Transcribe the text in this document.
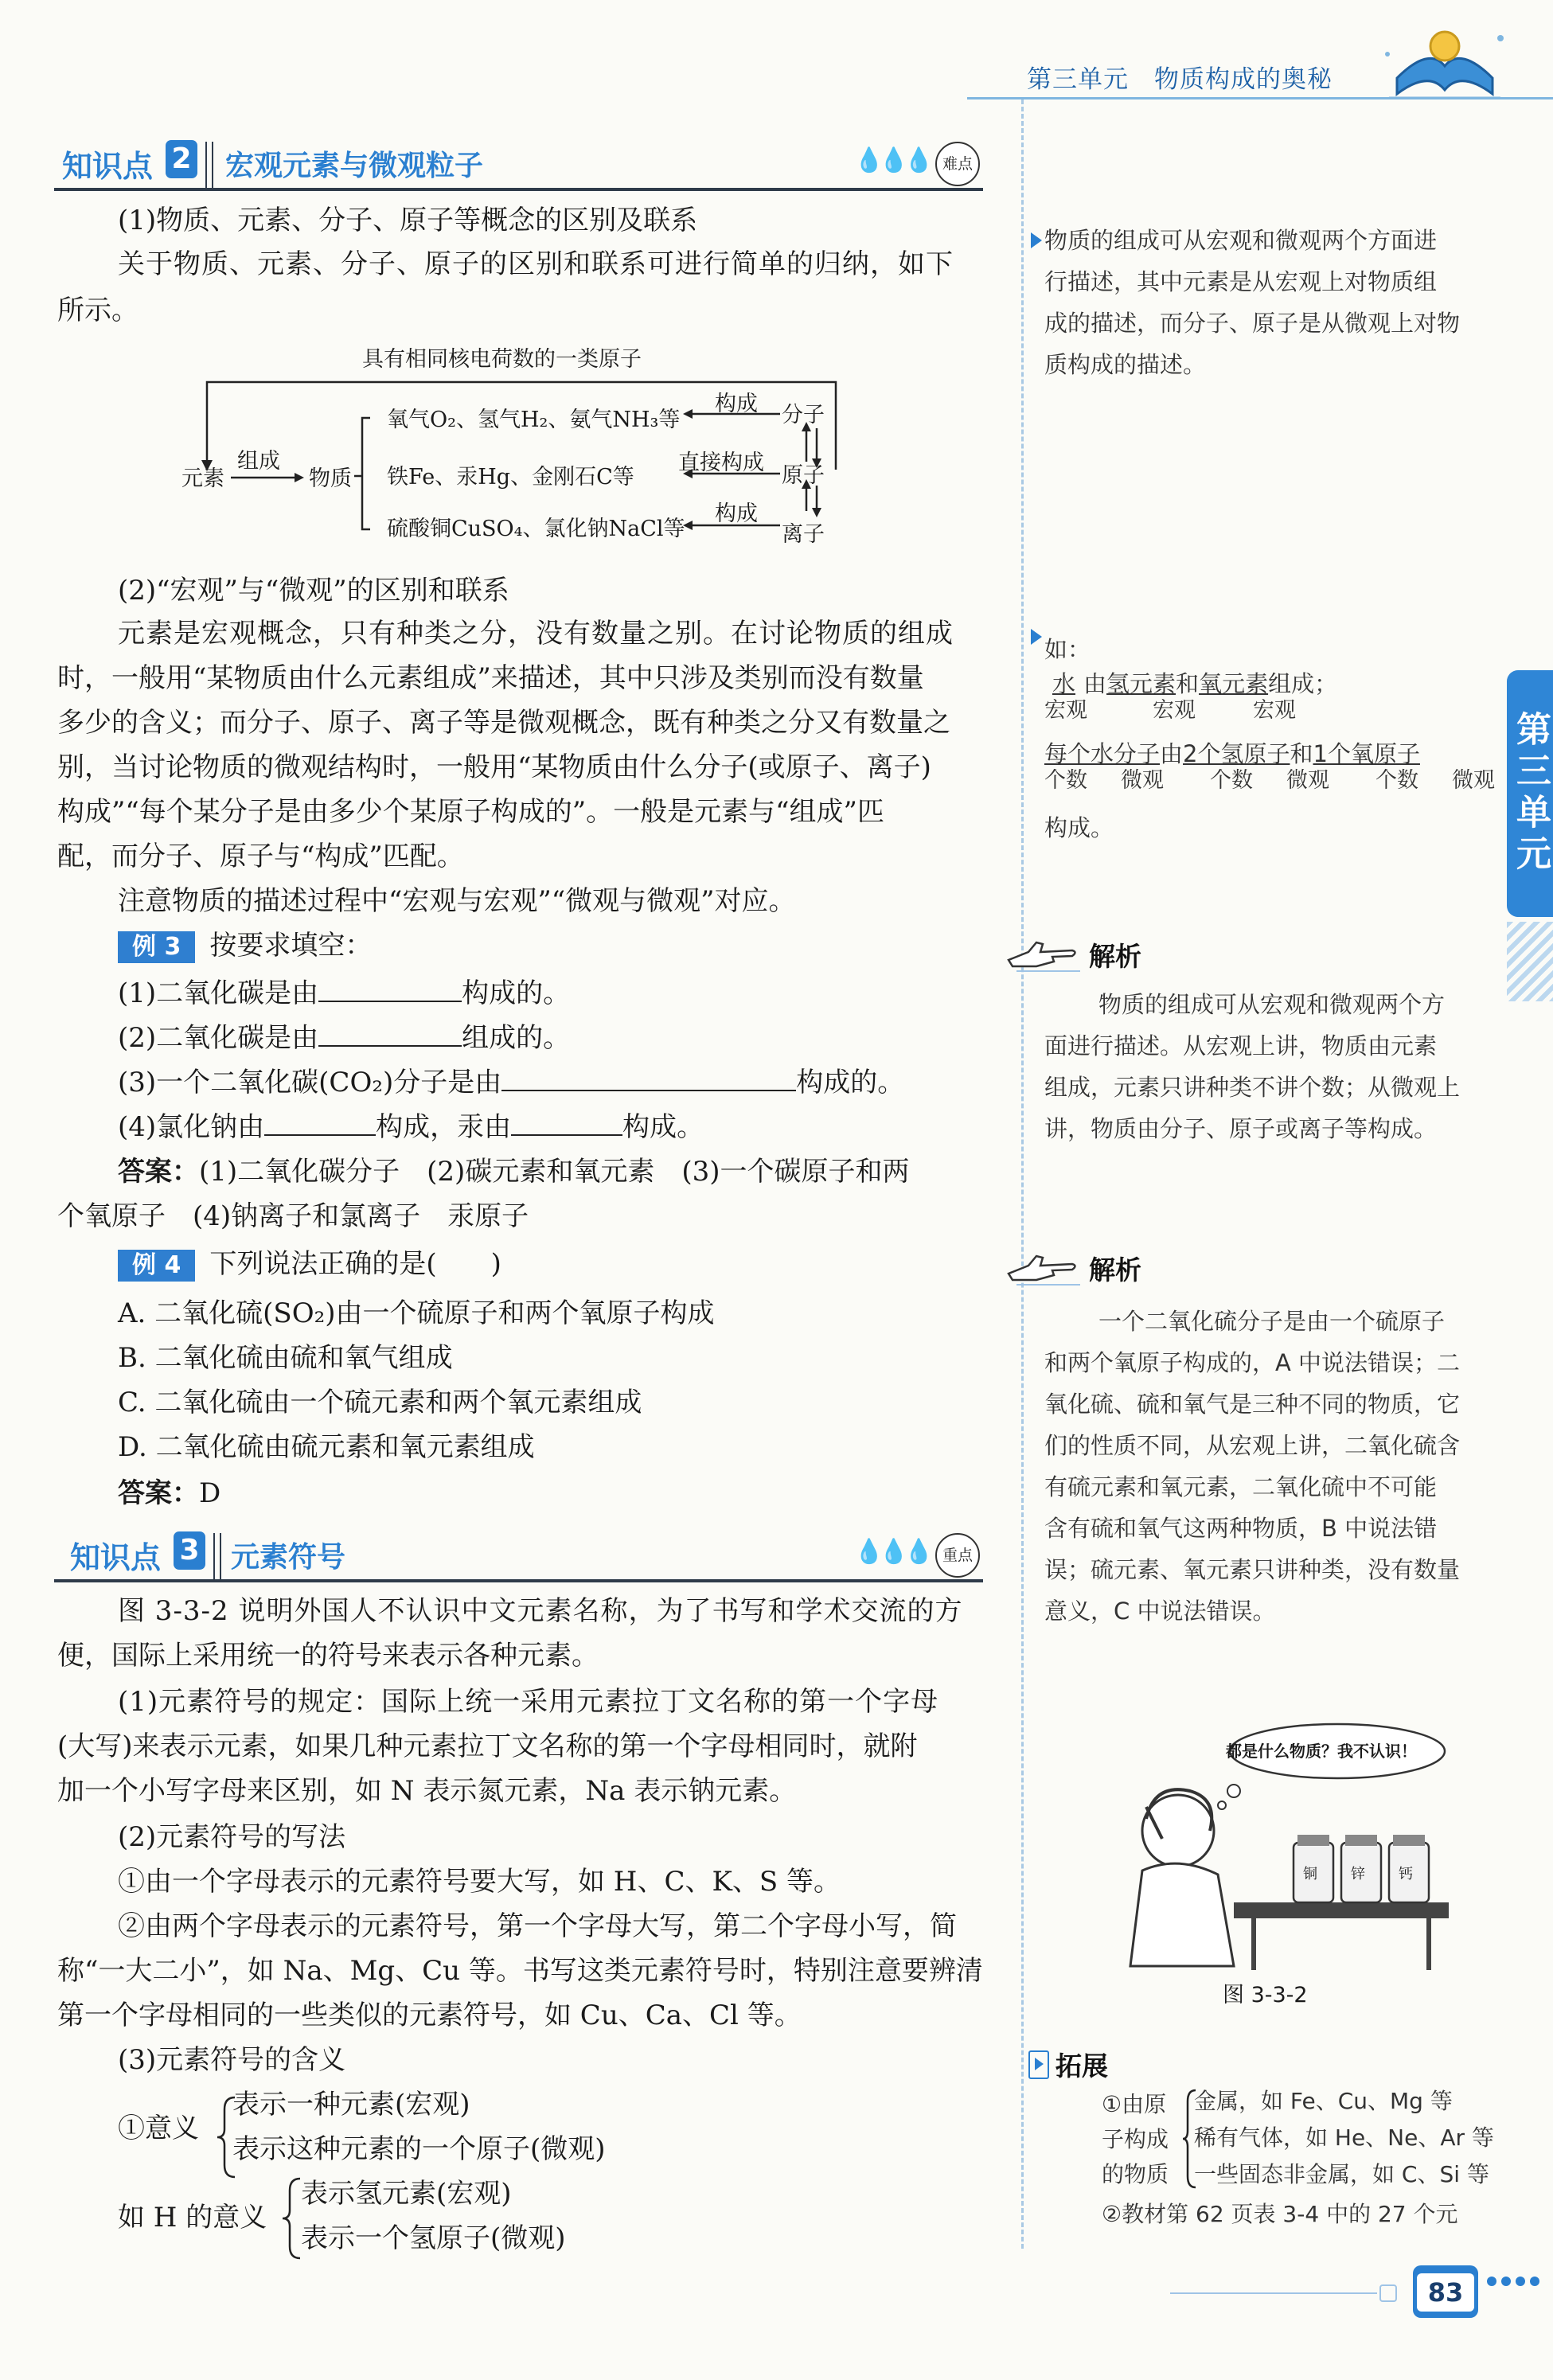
第三单元　物质构成的奥秘
知识点 2 宏观元素与微观粒子	💧💧💧 难点
(1)物质、元素、分子、原子等概念的区别及联系
关于物质、元素、分子、原子的区别和联系可进行简单的归纳，如下
所示。
具有相同核电荷数的一类原子
元素
组成
物质
氧气O₂、氢气H₂、氨气NH₃等
铁Fe、汞Hg、金刚石C等
硫酸铜CuSO₄、氯化钠NaCl等
构成
直接构成
构成
分子
原子
离子
(2)“宏观”与“微观”的区别和联系
元素是宏观概念，只有种类之分，没有数量之别。在讨论物质的组成
时，一般用“某物质由什么元素组成”来描述，其中只涉及类别而没有数量
多少的含义；而分子、原子、离子等是微观概念，既有种类之分又有数量之
别，当讨论物质的微观结构时，一般用“某物质由什么分子(或原子、离子)
构成”“每个某分子是由多少个某原子构成的”。一般是元素与“组成”匹
配，而分子、原子与“构成”匹配。
注意物质的描述过程中“宏观与宏观”“微观与微观”对应。
例 3 按要求填空：
(1)二氧化碳是由	构成的。
(2)二氧化碳是由	组成的。
(3)一个二氧化碳(CO₂)分子是由	构成的。
(4)氯化钠由	构成，汞由	构成。
答案：(1)二氧化碳分子　(2)碳元素和氧元素　(3)一个碳原子和两
个氧原子　(4)钠离子和氯离子　汞原子
例 4 下列说法正确的是(　　)
A. 二氧化硫(SO₂)由一个硫原子和两个氧原子构成
B. 二氧化硫由硫和氧气组成
C. 二氧化硫由一个硫元素和两个氧元素组成
D. 二氧化硫由硫元素和氧元素组成
答案：D
知识点 3 元素符号	💧💧💧 重点
图 3-3-2 说明外国人不认识中文元素名称，为了书写和学术交流的方
便，国际上采用统一的符号来表示各种元素。
(1)元素符号的规定：国际上统一采用元素拉丁文名称的第一个字母
(大写)来表示元素，如果几种元素拉丁文名称的第一个字母相同时，就附
加一个小写字母来区别，如 N 表示氮元素，Na 表示钠元素。
(2)元素符号的写法
①由一个字母表示的元素符号要大写，如 H、C、K、S 等。
②由两个字母表示的元素符号，第一个字母大写，第二个字母小写，简
称“一大二小”，如 Na、Mg、Cu 等。书写这类元素符号时，特别注意要辨清
第一个字母相同的一些类似的元素符号，如 Cu、Ca、Cl 等。
(3)元素符号的含义
①意义
表示一种元素(宏观)
表示这种元素的一个原子(微观)
如 H 的意义
表示氢元素(宏观)
表示一个氢原子(微观)
物质的组成可从宏观和微观两个方面进
行描述，其中元素是从宏观上对物质组
成的描述，而分子、原子是从微观上对物
质构成的描述。
如：
水 由氢元素和氧元素组成；
宏观	宏观	宏观
每个水分子由2个氢原子和1个氧原子
个数 微观 个数 微观 个数 微观
构成。
解析
物质的组成可从宏观和微观两个方
面进行描述。从宏观上讲，物质由元素
组成，元素只讲种类不讲个数；从微观上
讲，物质由分子、原子或离子等构成。
解析
一个二氧化硫分子是由一个硫原子
和两个氧原子构成的，A 中说法错误；二
氧化硫、硫和氧气是三种不同的物质，它
们的性质不同，从宏观上讲，二氧化硫含
有硫元素和氧元素，二氧化硫中不可能
含有硫和氧气这两种物质，B 中说法错
误；硫元素、氧元素只讲种类，没有数量
意义，C 中说法错误。
都是什么物质？我不认识！
铜 锌 钙
图 3-3-2
拓展
①由原
子构成
的物质
金属，如 Fe、Cu、Mg 等
稀有气体，如 He、Ne、Ar 等
一些固态非金属，如 C、Si 等
②教材第 62 页表 3-4 中的 27 个元
第三单元
83
